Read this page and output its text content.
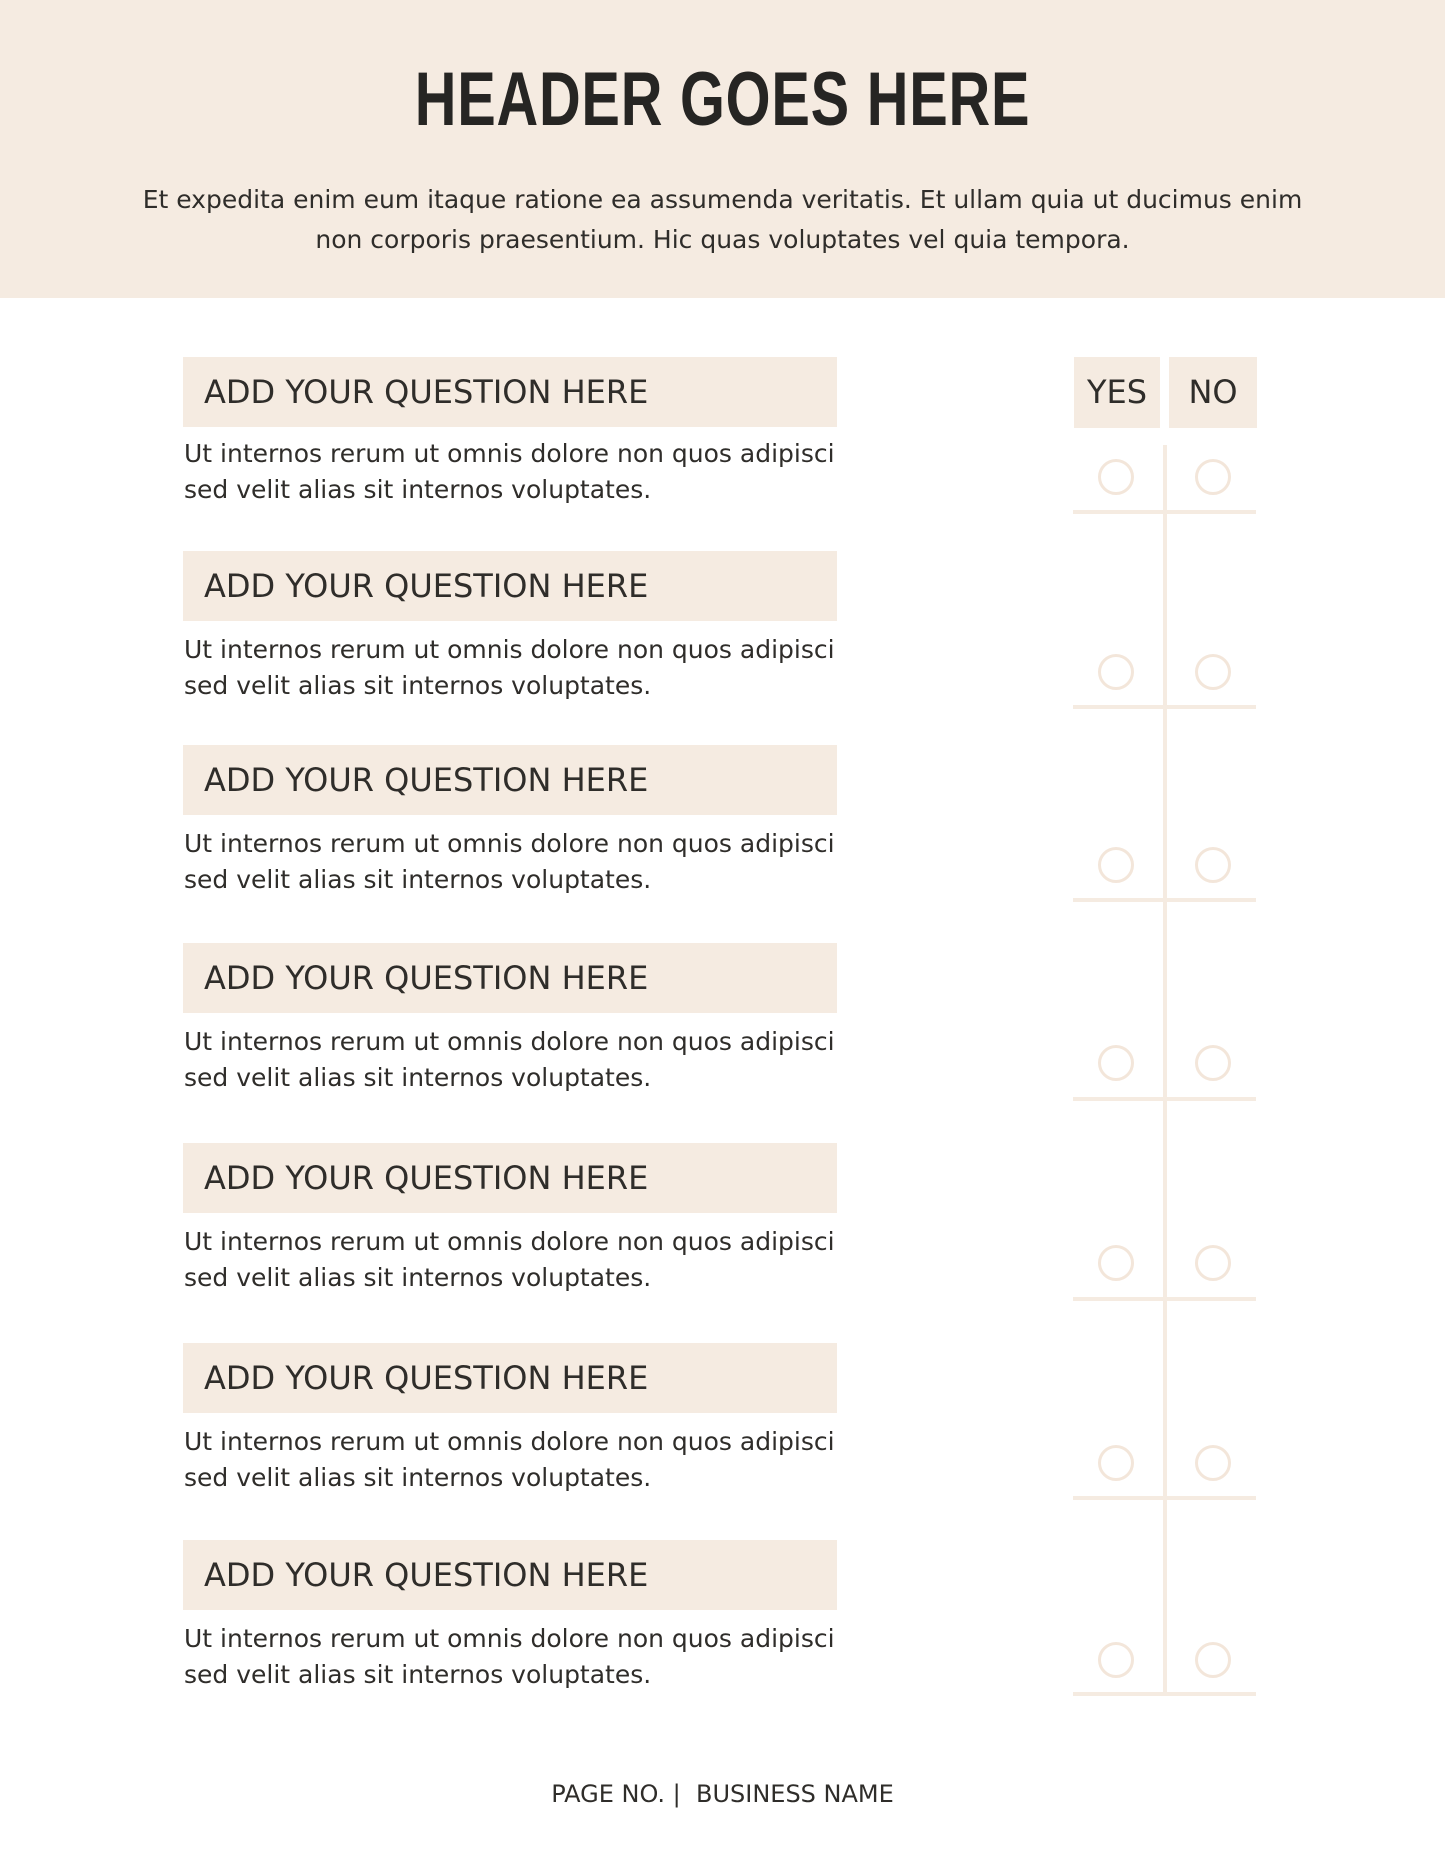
HEADER GOES HERE
Et expedita enim eum itaque ratione ea assumenda veritatis. Et ullam quia ut ducimus enim non corporis praesentium. Hic quas voluptates vel quia tempora.
YES	NO
ADD YOUR QUESTION HERE
Ut internos rerum ut omnis dolore non quos adipisci sed velit alias sit internos voluptates.
ADD YOUR QUESTION HERE
Ut internos rerum ut omnis dolore non quos adipisci sed velit alias sit internos voluptates.
ADD YOUR QUESTION HERE
Ut internos rerum ut omnis dolore non quos adipisci sed velit alias sit internos voluptates.
ADD YOUR QUESTION HERE
Ut internos rerum ut omnis dolore non quos adipisci sed velit alias sit internos voluptates.
ADD YOUR QUESTION HERE
Ut internos rerum ut omnis dolore non quos adipisci sed velit alias sit internos voluptates.
ADD YOUR QUESTION HERE
Ut internos rerum ut omnis dolore non quos adipisci sed velit alias sit internos voluptates.
ADD YOUR QUESTION HERE
Ut internos rerum ut omnis dolore non quos adipisci sed velit alias sit internos voluptates.
PAGE NO. |  BUSINESS NAME
